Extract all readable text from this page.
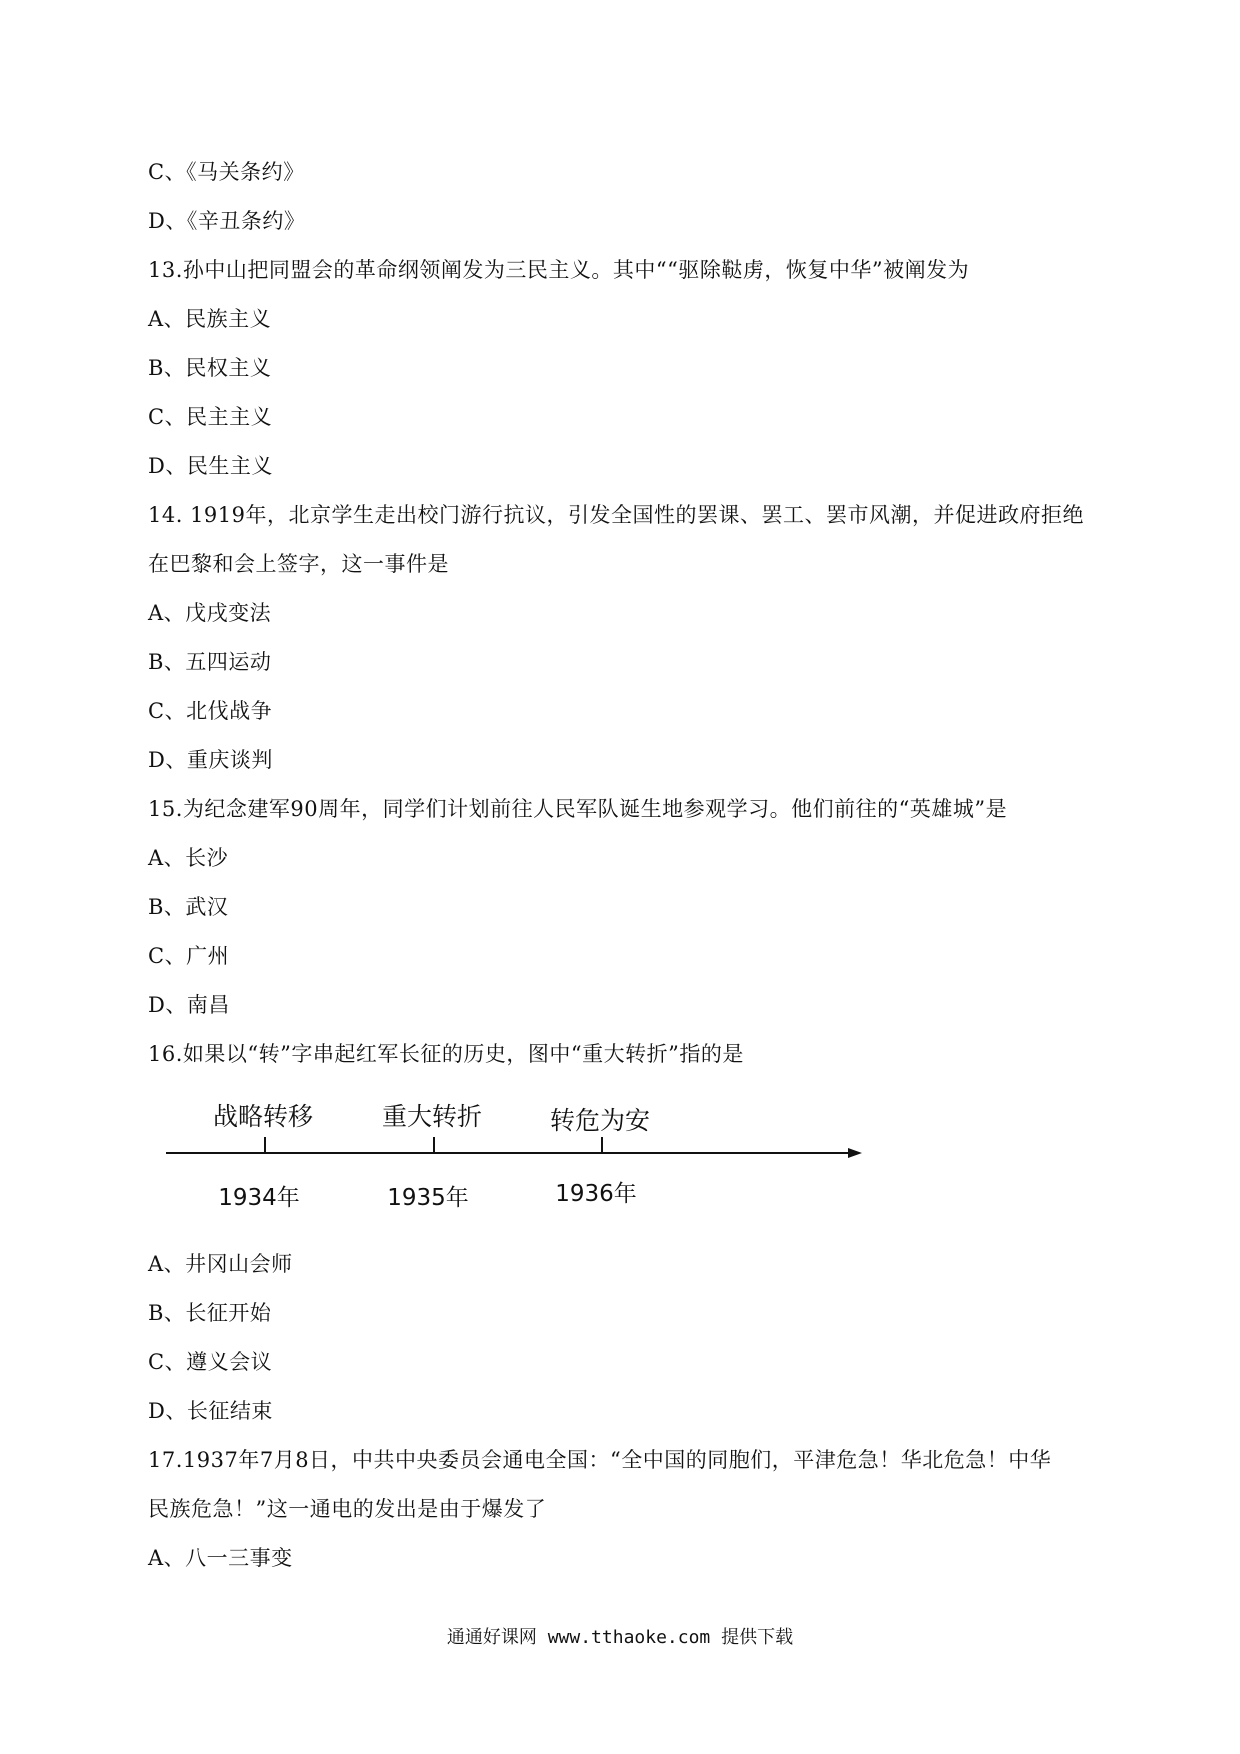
C、《马关条约》
D、《辛丑条约》
13.孙中山把同盟会的革命纲领阐发为三民主义。其中““驱除鞑虏，恢复中华”被阐发为
A、民族主义
B、民权主义
C、民主主义
D、民生主义
14. 1919年，北京学生走出校门游行抗议，引发全国性的罢课、罢工、罢市风潮，并促进政府拒绝
在巴黎和会上签字，这一事件是
A、戊戌变法
B、五四运动
C、北伐战争
D、重庆谈判
15.为纪念建军90周年，同学们计划前往人民军队诞生地参观学习。他们前往的“英雄城”是
A、长沙
B、武汉
C、广州
D、南昌
16.如果以“转”字串起红军长征的历史，图中“重大转折”指的是
A、井冈山会师
B、长征开始
C、遵义会议
D、长征结束
17.1937年7月8日，中共中央委员会通电全国：“全中国的同胞们，平津危急！华北危急！中华
民族危急！”这一通电的发出是由于爆发了
A、八一三事变
战略转移
1934年
重大转折
1935年
转危为安
1936年
通通好课网 www.tthaoke.com 提供下载
